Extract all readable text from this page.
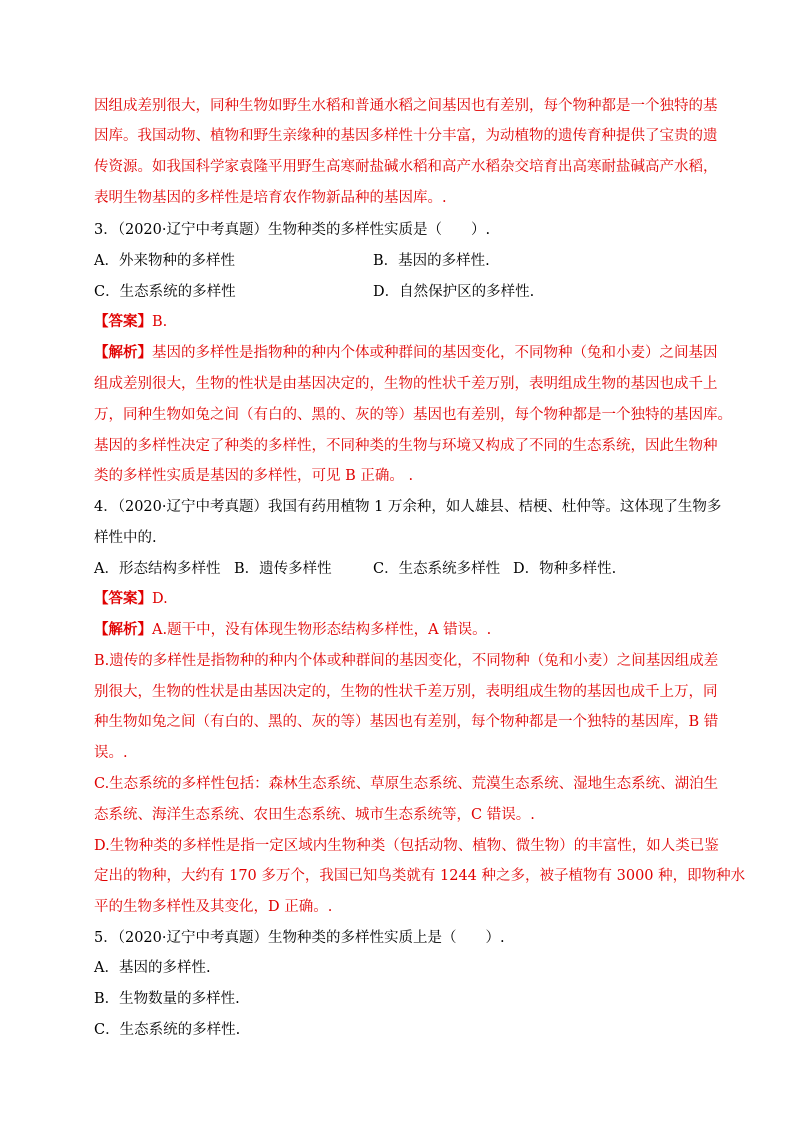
因组成差别很大，同种生物如野生水稻和普通水稻之间基因也有差别，每个物种都是一个独特的基
因库。我国动物、植物和野生亲缘种的基因多样性十分丰富，为动植物的遗传育种提供了宝贵的遗
传资源。如我国科学家袁隆平用野生高寒耐盐碱水稻和高产水稻杂交培育出高寒耐盐碱高产水稻，
表明生物基因的多样性是培育农作物新品种的基因库。.
3．（2020·辽宁中考真题）生物种类的多样性实质是（　　）.
A．外来物种的多样性	B．基因的多样性.
C．生态系统的多样性	D．自然保护区的多样性.
【答案】B.
【解析】基因的多样性是指物种的种内个体或种群间的基因变化，不同物种（兔和小麦）之间基因
组成差别很大，生物的性状是由基因决定的，生物的性状千差万别，表明组成生物的基因也成千上
万，同种生物如兔之间（有白的、黑的、灰的等）基因也有差别，每个物种都是一个独特的基因库。
基因的多样性决定了种类的多样性，不同种类的生物与环境又构成了不同的生态系统，因此生物种
类的多样性实质是基因的多样性，可见 B 正确。 .
4．（2020·辽宁中考真题）我国有药用植物 1 万余种，如人雄县、桔梗、杜仲等。这体现了生物多
样性中的.
A．形态结构多样性 B．遗传多样性	C．生态系统多样性 D．物种多样性.
【答案】D.
【解析】A.题干中，没有体现生物形态结构多样性，A 错误。.
B.遗传的多样性是指物种的种内个体或种群间的基因变化，不同物种（兔和小麦）之间基因组成差
别很大，生物的性状是由基因决定的，生物的性状千差万别，表明组成生物的基因也成千上万，同
种生物如兔之间（有白的、黑的、灰的等）基因也有差别，每个物种都是一个独特的基因库，B 错
误。.
C.生态系统的多样性包括：森林生态系统、草原生态系统、荒漠生态系统、湿地生态系统、湖泊生
态系统、海洋生态系统、农田生态系统、城市生态系统等，C 错误。.
D.生物种类的多样性是指一定区域内生物种类（包括动物、植物、微生物）的丰富性，如人类已鉴
定出的物种，大约有 170 多万个，我国已知鸟类就有 1244 种之多，被子植物有 3000 种，即物种水
平的生物多样性及其变化，D 正确。.
5．（2020·辽宁中考真题）生物种类的多样性实质上是（　　）.
A．基因的多样性.
B．生物数量的多样性.
C．生态系统的多样性.
